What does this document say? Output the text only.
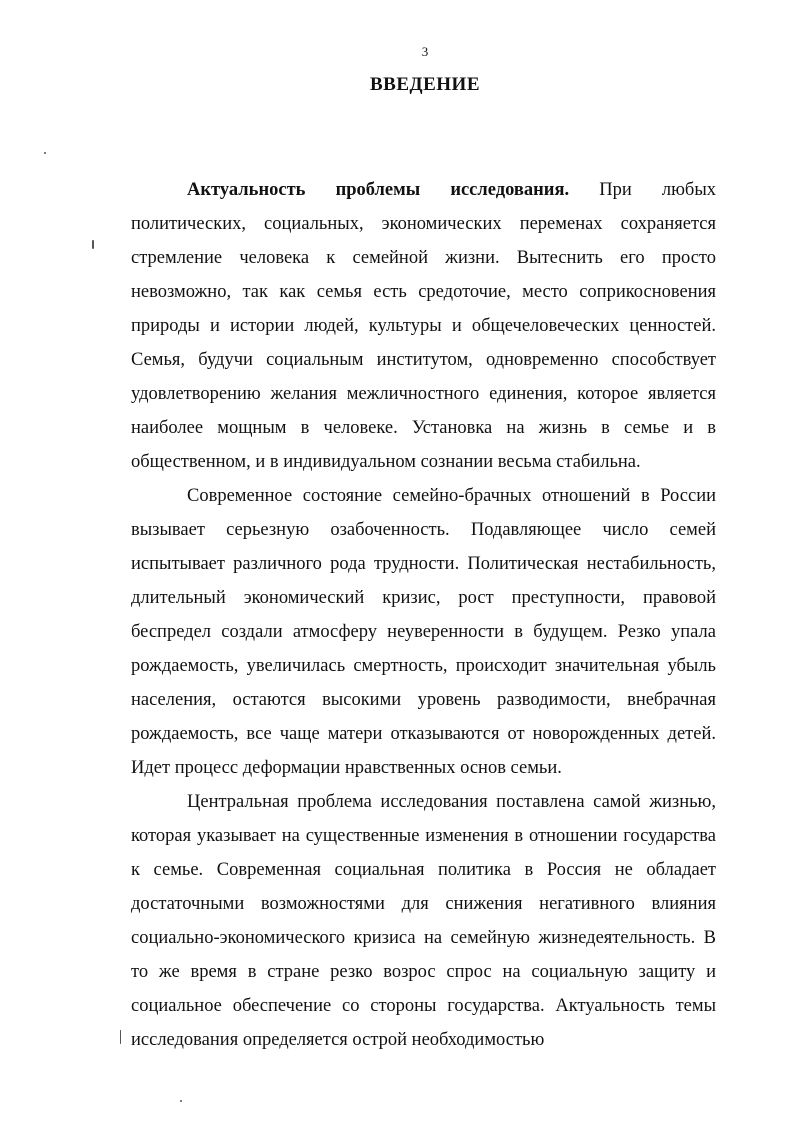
3
ВВЕДЕНИЕ

Актуальность проблемы исследования. При любых политических, социальных, экономических переменах сохраняется стремление человека к семейной жизни. Вытеснить его просто невозможно, так как семья есть средоточие, место соприкосновения природы и истории людей, культуры и общечеловеческих ценностей. Семья, будучи социальным институтом, одновременно способствует удовлетворению желания межличностного единения, которое является наиболее мощным в человеке. Установка на жизнь в семье и в общественном, и в индивидуальном сознании весьма стабильна.

Современное состояние семейно-брачных отношений в России вызывает серьезную озабоченность. Подавляющее число семей испытывает различного рода трудности. Политическая нестабильность, длительный экономический кризис, рост преступности, правовой беспредел создали атмосферу неуверенности в будущем. Резко упала рождаемость, увеличилась смертность, происходит значительная убыль населения, остаются высокими уровень разводимости, внебрачная рождаемость, все чаще матери отказываются от новорожденных детей. Идет процесс деформации нравственных основ семьи.

Центральная проблема исследования поставлена самой жизнью, которая указывает на существенные изменения в отношении государства к семье. Современная социальная политика в Россия не обладает достаточными возможностями для снижения негативного влияния социально-экономического кризиса на семейную жизнедеятельность. В то же время в стране резко возрос спрос на социальную защиту и социальное обеспечение со стороны государства. Актуальность темы исследования определяется острой необходимостью
